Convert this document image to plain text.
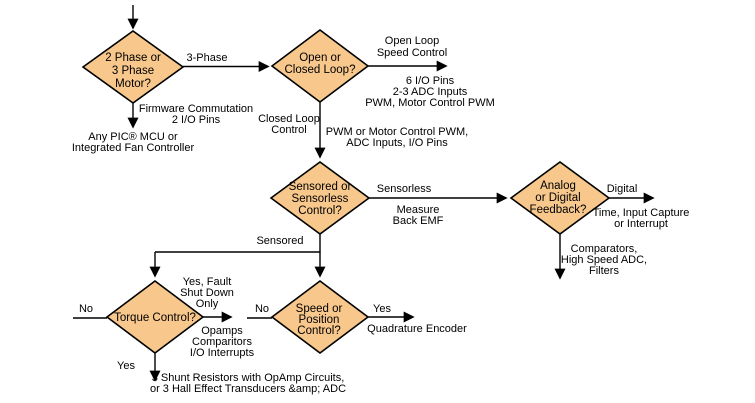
2 Phase or
3 Phase
Motor?
Open or
Closed Loop?
Sensored or
Sensorless
Control?
Analog
or Digital
Feedback?
Torque Control?
Speed or
Position
Control?
3-Phase
Firmware Commutation
2 I/O Pins
Any PIC® MCU or
Integrated Fan Controller
Open Loop
Speed Control
6 I/O Pins
2-3 ADC Inputs
PWM, Motor Control PWM
Closed Loop
Control PWM or Motor Control PWM,
ADC Inputs, I/O Pins
Sensorless
Measure
Back EMF
Digital
Time, Input Capture
or Interrupt
Comparators,
High Speed ADC,
Filters
Sensored
No
Yes, Fault
Shut Down
Only
Opamps
Comparitors
I/O Interrupts
Yes
3 Shunt Resistors with OpAmp Circuits,
or 3 Hall Effect Transducers &amp; ADC
No	Yes
Quadrature Encoder
